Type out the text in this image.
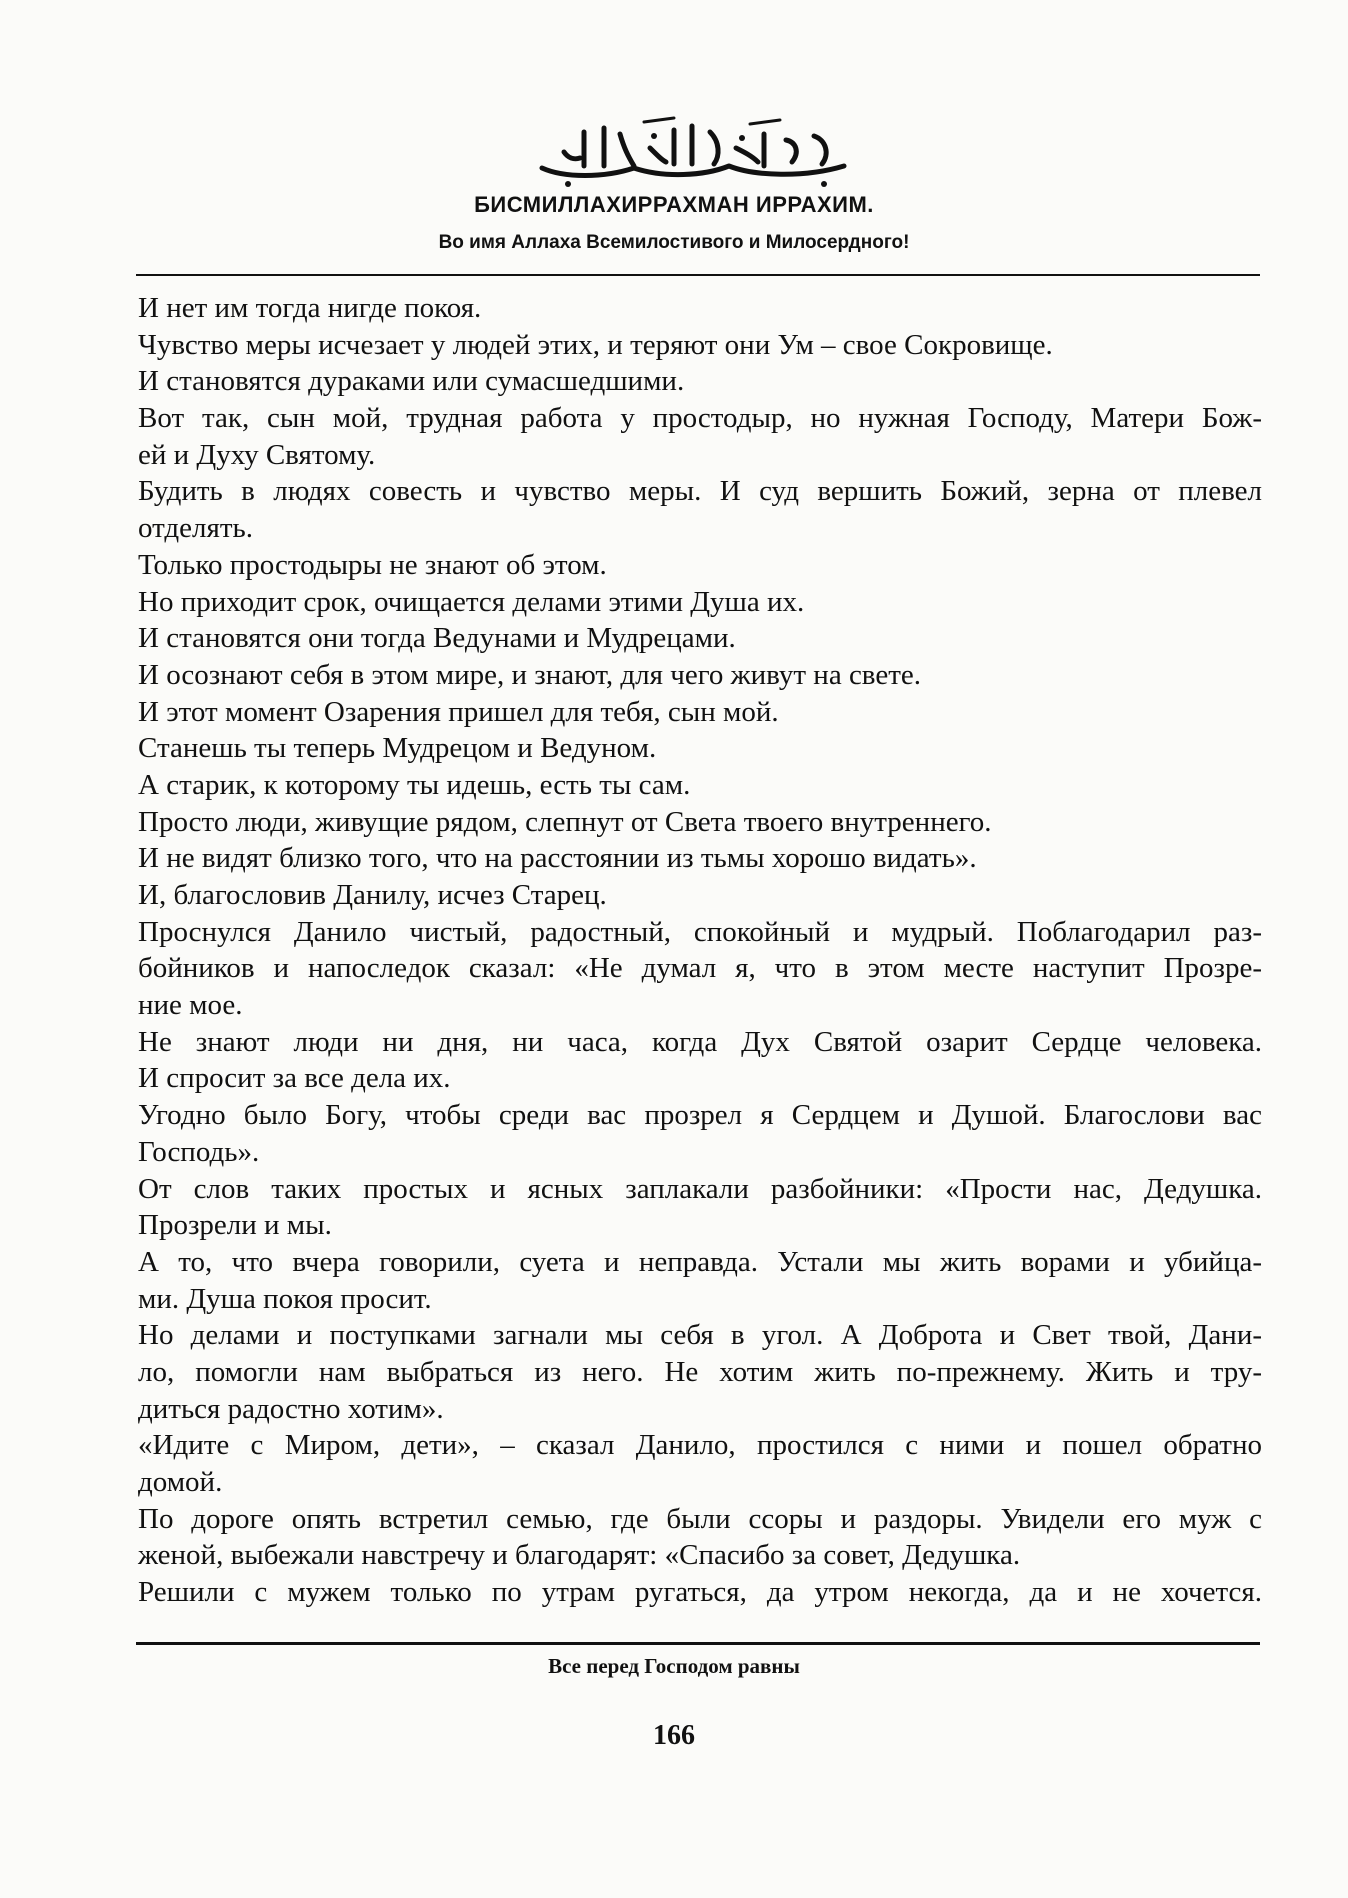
БИСМИЛЛАХИРРАХМАН ИРРАХИМ.
Во имя Аллаха Всемилостивого и Милосердного!
И нет им тогда нигде покоя.
Чувство меры исчезает у людей этих, и теряют они Ум – свое Сокровище.
И становятся дураками или сумасшедшими.
Вот так, сын мой, трудная работа у простодыр, но нужная Господу, Матери Бож-
ей и Духу Святому.
Будить в людях совесть и чувство меры. И суд вершить Божий, зерна от плевел
отделять.
Только простодыры не знают об этом.
Но приходит срок, очищается делами этими Душа их.
И становятся они тогда Ведунами и Мудрецами.
И осознают себя в этом мире, и знают, для чего живут на свете.
И этот момент Озарения пришел для тебя, сын мой.
Станешь ты теперь Мудрецом и Ведуном.
А старик, к которому ты идешь, есть ты сам.
Просто люди, живущие рядом, слепнут от Света твоего внутреннего.
И не видят близко того, что на расстоянии из тьмы хорошо видать».
И, благословив Данилу, исчез Старец.
Проснулся Данило чистый, радостный, спокойный и мудрый. Поблагодарил раз-
бойников и напоследок сказал: «Не думал я, что в этом месте наступит Прозре-
ние мое.
Не знают люди ни дня, ни часа, когда Дух Святой озарит Сердце человека.
И спросит за все дела их.
Угодно было Богу, чтобы среди вас прозрел я Сердцем и Душой. Благослови вас
Господь».
От слов таких простых и ясных заплакали разбойники: «Прости нас, Дедушка.
Прозрели и мы.
А то, что вчера говорили, суета и неправда. Устали мы жить ворами и убийца-
ми. Душа покоя просит.
Но делами и поступками загнали мы себя в угол. А Доброта и Свет твой, Дани-
ло, помогли нам выбраться из него. Не хотим жить по-прежнему. Жить и тру-
диться радостно хотим».
«Идите с Миром, дети», – сказал Данило, простился с ними и пошел обратно
домой.
По дороге опять встретил семью, где были ссоры и раздоры. Увидели его муж с
женой, выбежали навстречу и благодарят: «Спасибо за совет, Дедушка.
Решили с мужем только по утрам ругаться, да утром некогда, да и не хочется.
Все перед Господом равны
166
